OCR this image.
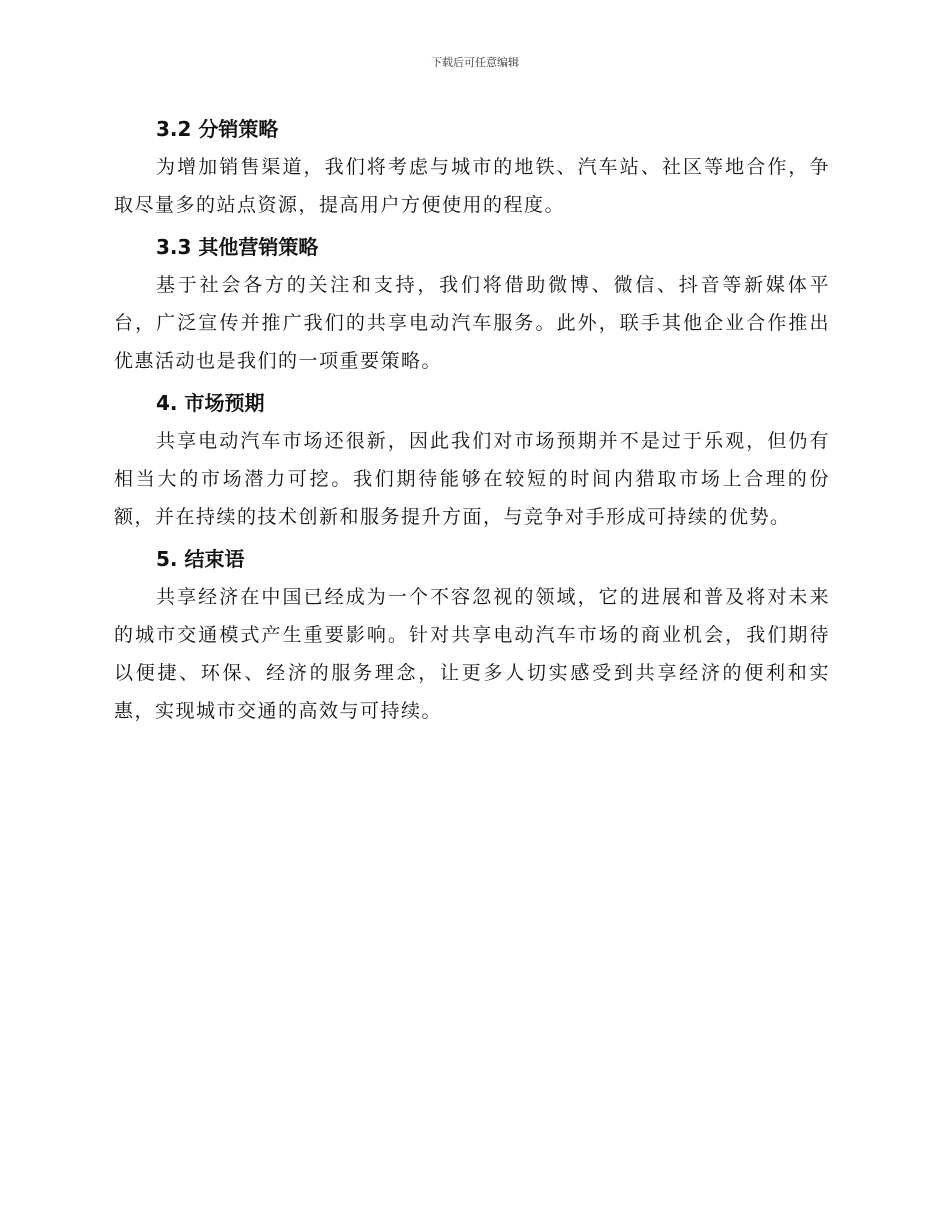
下载后可任意编辑
3.2 分销策略

为增加销售渠道，我们将考虑与城市的地铁、汽车站、社区等地合作，争取尽量多的站点资源，提高用户方便使用的程度。

3.3 其他营销策略

基于社会各方的关注和支持，我们将借助微博、微信、抖音等新媒体平台，广泛宣传并推广我们的共享电动汽车服务。此外，联手其他企业合作推出优惠活动也是我们的一项重要策略。

4. 市场预期

共享电动汽车市场还很新，因此我们对市场预期并不是过于乐观，但仍有相当大的市场潜力可挖。我们期待能够在较短的时间内猎取市场上合理的份额，并在持续的技术创新和服务提升方面，与竞争对手形成可持续的优势。

5. 结束语

共享经济在中国已经成为一个不容忽视的领域，它的进展和普及将对未来的城市交通模式产生重要影响。针对共享电动汽车市场的商业机会，我们期待以便捷、环保、经济的服务理念，让更多人切实感受到共享经济的便利和实惠，实现城市交通的高效与可持续。
